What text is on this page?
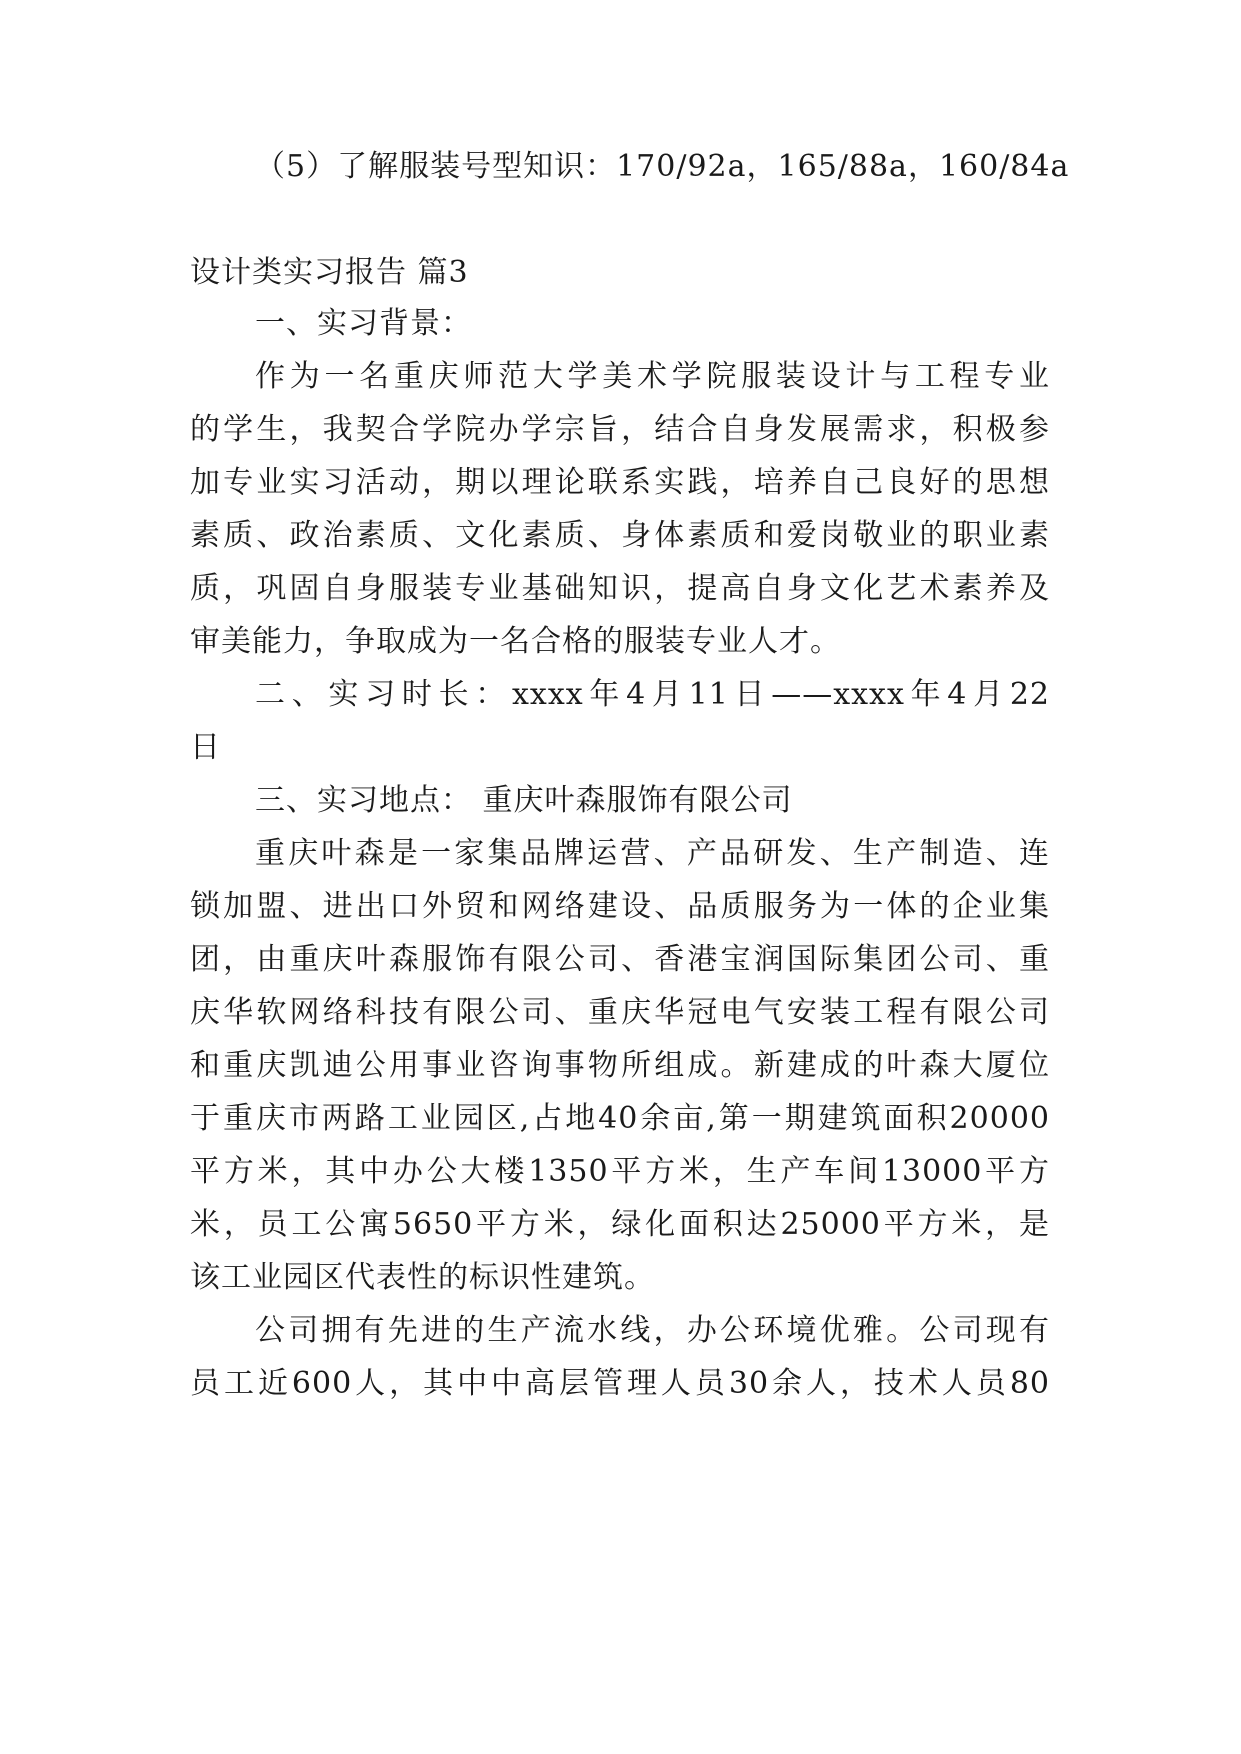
（5）了解服装号型知识：170/92a，165/88a，160/84a
设计类实习报告 篇3
一、实习背景：
作为一名重庆师范大学美术学院服装设计与工程专业
的学生，我契合学院办学宗旨，结合自身发展需求，积极参
加专业实习活动，期以理论联系实践，培养自己良好的思想
素质、政治素质、文化素质、身体素质和爱岗敬业的职业素
质，巩固自身服装专业基础知识，提高自身文化艺术素养及
审美能力，争取成为一名合格的服装专业人才。
二、实习时长：xxxx年4月11日——xxxx年4月22
日
三、实习地点： 重庆叶森服饰有限公司
重庆叶森是一家集品牌运营、产品研发、生产制造、连
锁加盟、进出口外贸和网络建设、品质服务为一体的企业集
团，由重庆叶森服饰有限公司、香港宝润国际集团公司、重
庆华软网络科技有限公司、重庆华冠电气安装工程有限公司
和重庆凯迪公用事业咨询事物所组成。新建成的叶森大厦位
于重庆市两路工业园区,占地40余亩,第一期建筑面积20000
平方米，其中办公大楼1350平方米，生产车间13000平方
米，员工公寓5650平方米，绿化面积达25000平方米，是
该工业园区代表性的标识性建筑。
公司拥有先进的生产流水线，办公环境优雅。公司现有
员工近600人，其中中高层管理人员30余人，技术人员80
